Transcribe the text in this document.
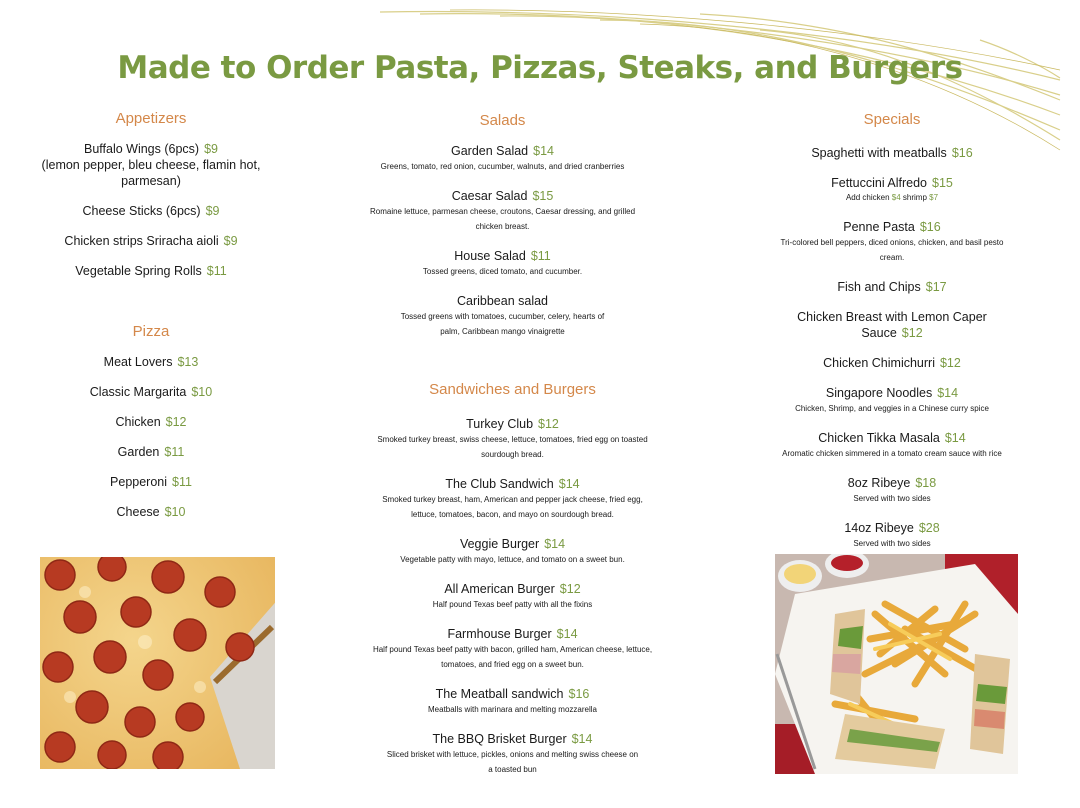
Made to Order Pasta, Pizzas, Steaks, and Burgers
Appetizers
Buffalo Wings (6pcs) $9
(lemon pepper, bleu cheese, flamin hot, parmesan)
Cheese Sticks (6pcs) $9
Chicken strips Sriracha aioli $9
Vegetable Spring Rolls $11
Pizza
Meat Lovers $13
Classic Margarita $10
Chicken $12
Garden $11
Pepperoni $11
Cheese $10
Salads
Garden Salad $14
Greens, tomato, red onion, cucumber, walnuts, and dried cranberries
Caesar Salad $15
Romaine lettuce, parmesan cheese, croutons, Caesar dressing, and grilled chicken breast.
House Salad $11
Tossed greens, diced tomato, and cucumber.
Caribbean salad
Tossed greens with tomatoes, cucumber, celery, hearts of palm, Caribbean mango vinaigrette
Sandwiches and Burgers
Turkey Club $12
Smoked turkey breast, swiss cheese, lettuce, tomatoes, fried egg on toasted sourdough bread.
The Club Sandwich $14
Smoked turkey breast, ham, American and pepper jack cheese, fried egg, lettuce, tomatoes, bacon, and mayo on sourdough bread.
Veggie Burger $14
Vegetable patty with mayo, lettuce, and tomato on a sweet bun.
All American Burger $12
Half pound Texas beef patty with all the fixins
Farmhouse Burger $14
Half pound Texas beef patty with bacon, grilled ham, American cheese, lettuce, tomatoes, and fried egg on a sweet bun.
The Meatball sandwich $16
Meatballs with marinara and melting mozzarella
The BBQ Brisket Burger $14
Sliced brisket with lettuce, pickles, onions and melting swiss cheese on a toasted bun
Specials
Spaghetti with meatballs $16
Fettuccini Alfredo $15
Add chicken $4 shrimp $7
Penne Pasta $16
Tri-colored bell peppers, diced onions, chicken, and basil pesto cream.
Fish and Chips $17
Chicken Breast with Lemon Caper Sauce $12
Chicken Chimichurri $12
Singapore Noodles $14
Chicken, Shrimp, and veggies in a Chinese curry spice
Chicken Tikka Masala $14
Aromatic chicken simmered in a tomato cream sauce with rice
8oz Ribeye $18
Served with two sides
14oz Ribeye $28
Served with two sides
